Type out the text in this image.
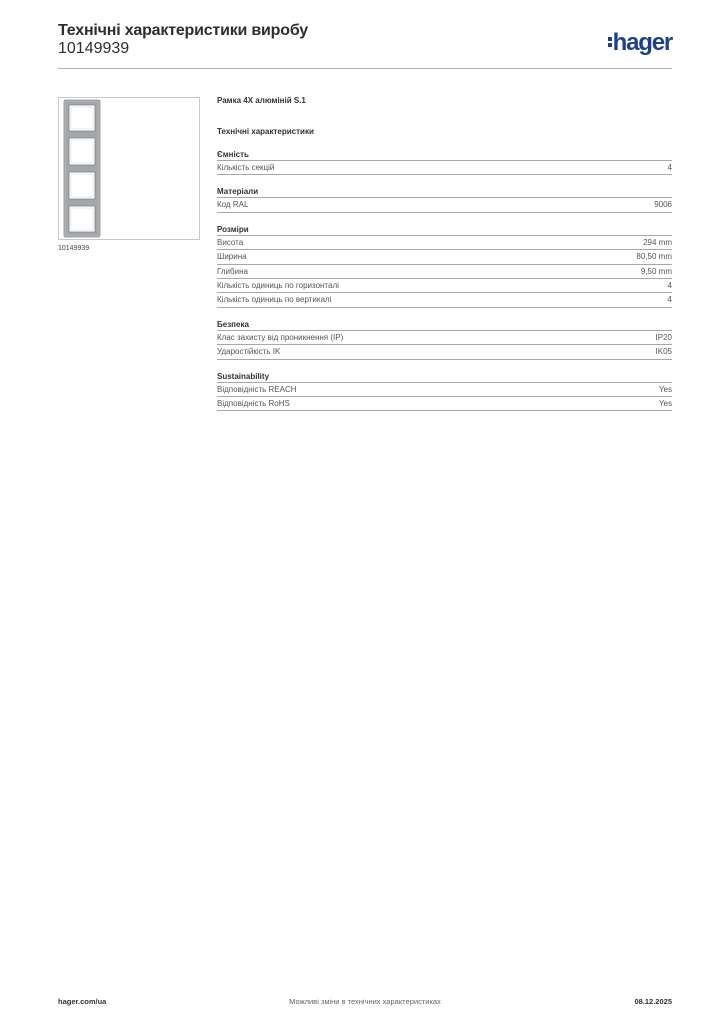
Технічні характеристики виробу
10149939	hager
10149939
Рамка 4X алюміній S.1
Технічні характеристики
Ємність
Кількість секцій	4
Матеріали
Код RAL	9006
Розміри
Висота	294 mm
Ширина	80,50 mm
Глибина	9,50 mm
Кількість одиниць по горизонталі	4
Кількість одиниць по вертикалі	4
Безпека
Клас захисту від проникнення (IP)	IP20
Ударостійкість IK	IK05
Sustainability
Відповідність REACH	Yes
Відповідність RoHS	Yes
hager.com/ua	Можливі зміни в технічних характеристиках	08.12.2025
